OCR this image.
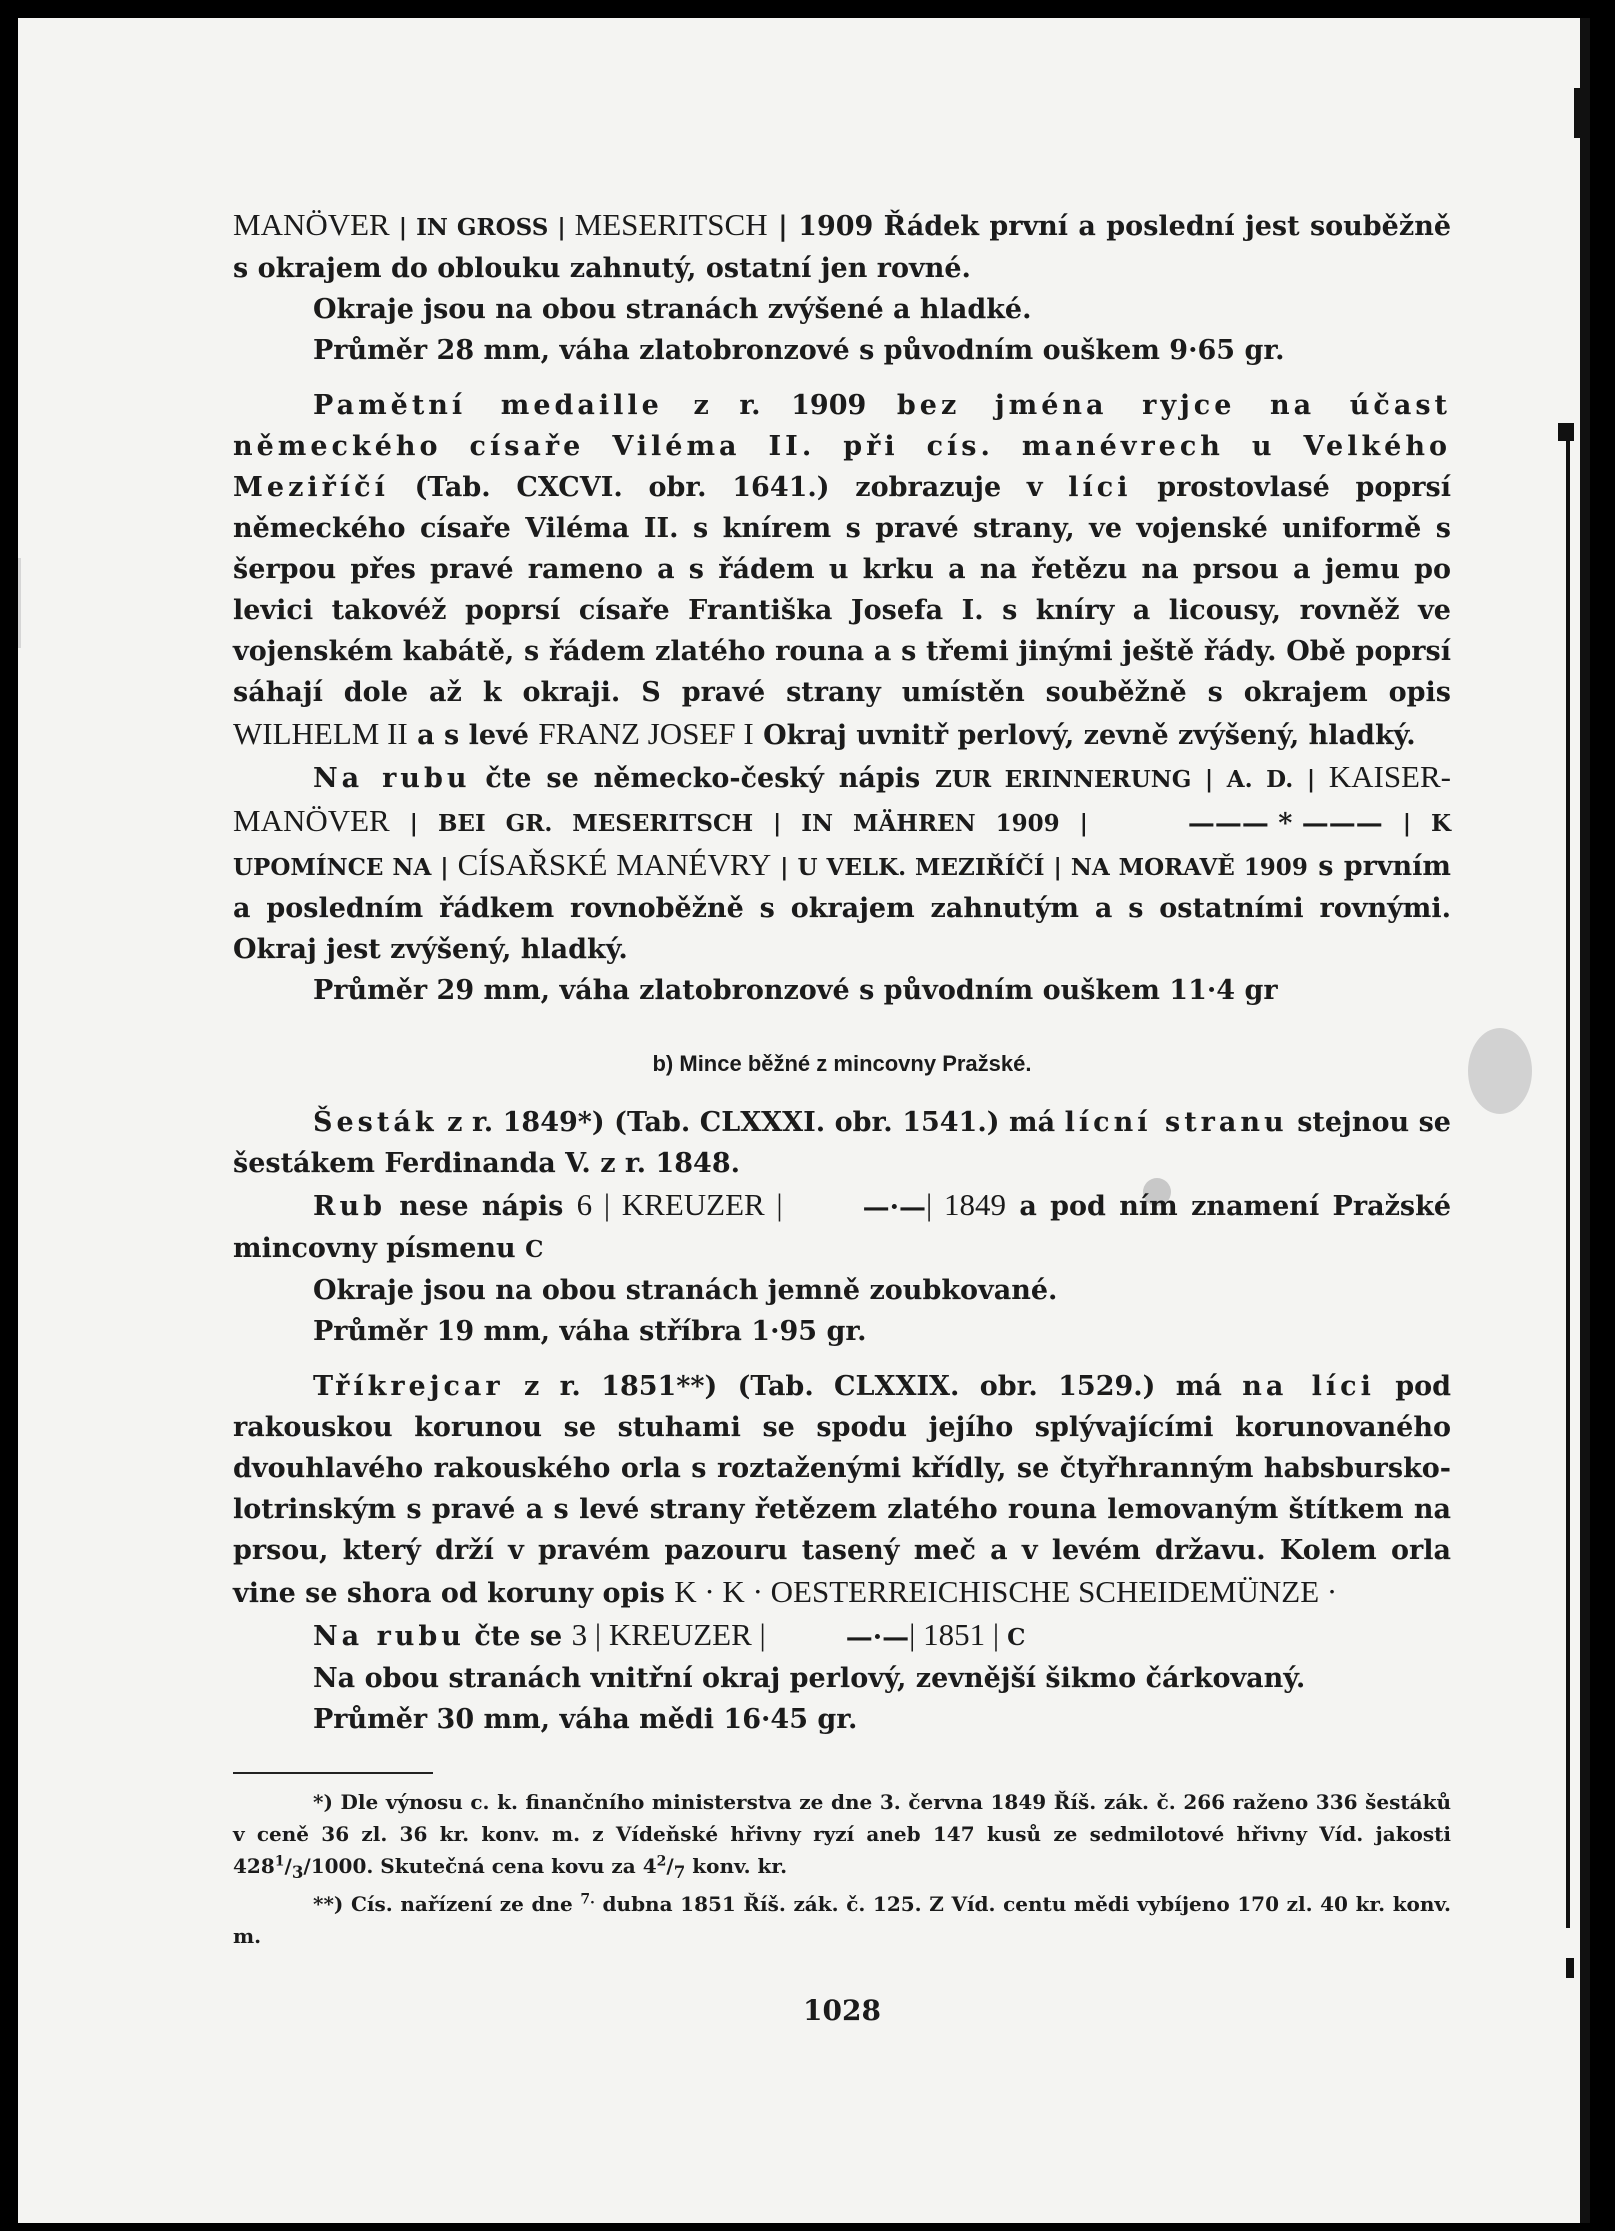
MANÖVER | IN GROSS | MESERITSCH | 1909 Řádek první a poslední jest souběžně s okrajem do oblouku zahnutý, ostatní jen rovné.

Okraje jsou na obou stranách zvýšené a hladké.

Průměr 28 mm, váha zlatobronzové s původním ouškem 9·65 gr.

Pamětní medaille z r. 1909 bez jména ryjce na účast německého císaře Viléma II. při cís. manévrech u Velkého Meziříčí (Tab. CXCVI. obr. 1641.) zobrazuje v líci prostovlasé poprsí německého císaře Viléma II. s knírem s pravé strany, ve vojenské uniformě s šerpou přes pravé rameno a s řádem u krku a na řetězu na prsou a jemu po levici takovéž poprsí císaře Františka Josefa I. s kníry a licousy, rovněž ve vojenském kabátě, s řádem zlatého rouna a s třemi jinými ještě řády. Obě poprsí sáhají dole až k okraji. S pravé strany umístěn souběžně s okrajem opis WILHELM II a s levé FRANZ JOSEF I Okraj uvnitř perlový, zevně zvýšený, hladký.

Na rubu čte se německo-český nápis ZUR ERINNERUNG | A. D. | KAISER-MANÖVER | BEI GR. MESERITSCH | IN MÄHREN 1909 |	——— * ——— | K UPOMÍNCE NA | CÍSAŘSKÉ MANÉVRY | U VELK. MEZIŘÍČÍ | NA MORAVĚ 1909 s prvním a posledním řádkem rovnoběžně s okrajem zahnutým a s ostatními rovnými. Okraj jest zvýšený, hladký.

Průměr 29 mm, váha zlatobronzové s původním ouškem 11·4 gr

b) Mince běžné z mincovny Pražské.

Šesták z r. 1849*) (Tab. CLXXXI. obr. 1541.) má lícní stranu stejnou se šestákem Ferdinanda V. z r. 1848.

Rub nese nápis 6 | KREUZER |	—·—| 1849 a pod ním znamení Pražské mincovny písmenu C

Okraje jsou na obou stranách jemně zoubkované.

Průměr 19 mm, váha stříbra 1·95 gr.

Tříkrejcar z r. 1851**) (Tab. CLXXIX. obr. 1529.) má na líci pod rakouskou korunou se stuhami se spodu jejího splývajícími korunovaného dvouhlavého rakouského orla s roztaženými křídly, se čtyřhranným habsbursko-lotrinským s pravé a s levé strany řetězem zlatého rouna lemovaným štítkem na prsou, který drží v pravém pazouru tasený meč a v levém državu. Kolem orla vine se shora od koruny opis K · K · OESTERREICHISCHE SCHEIDEMÜNZE ·

Na rubu čte se 3 | KREUZER |	—·—| 1851 | C

Na obou stranách vnitřní okraj perlový, zevnější šikmo čárkovaný.

Průměr 30 mm, váha mědi 16·45 gr.

*) Dle výnosu c. k. finančního ministerstva ze dne 3. června 1849 Říš. zák. č. 266 raženo 336 šestáků v ceně 36 zl. 36 kr. konv. m. z Vídeňské hřivny ryzí aneb 147 kusů ze sedmilotové hřivny Víd. jakosti $428^1/_3/1000$. Skutečná cena kovu za $4^2/_7$ konv. kr.

**) Cís. nařízení ze dne $^{7.}$ dubna 1851 Říš. zák. č. 125. Z Víd. centu mědi vybíjeno 170 zl. 40 kr. konv. m.

1028
